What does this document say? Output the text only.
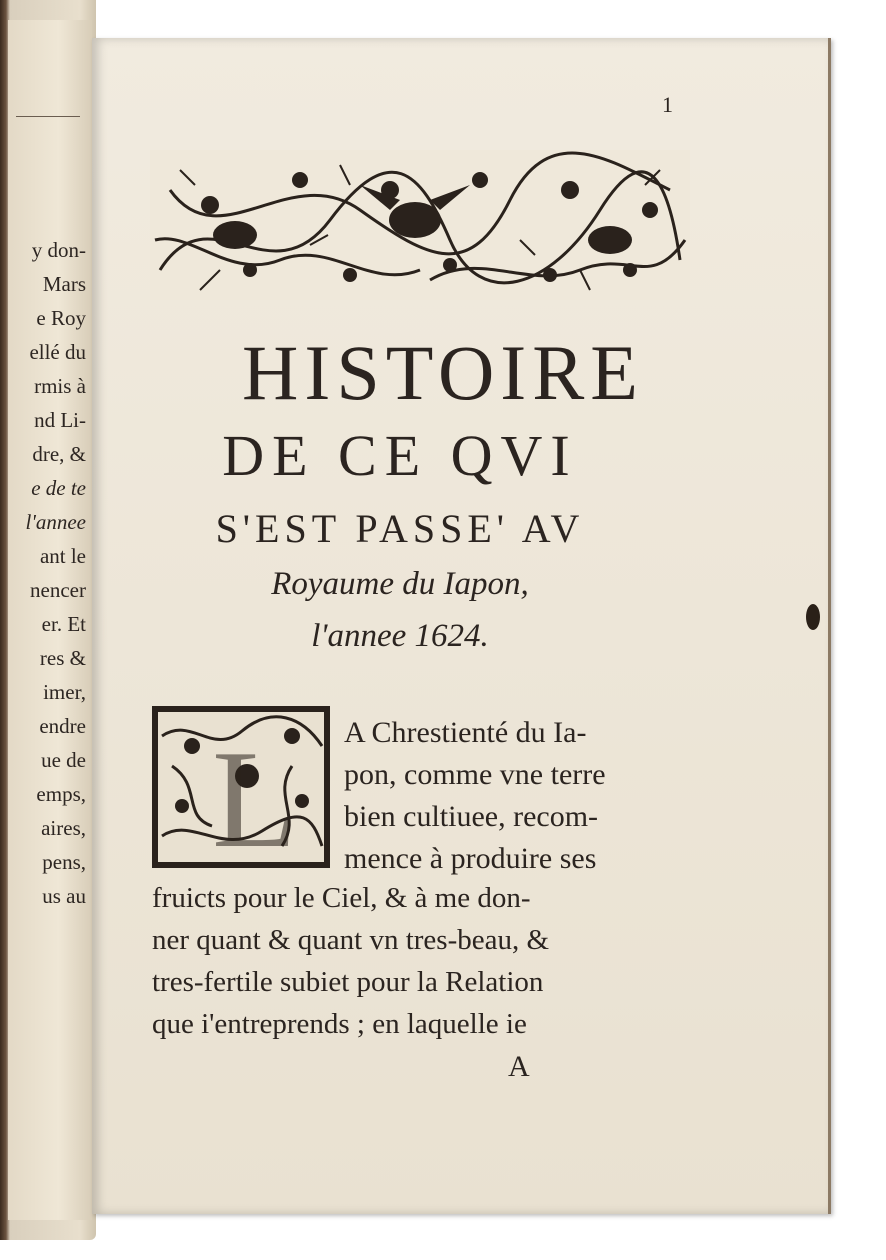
y don-
Mars
e Roy
ellé du
rmis à
nd Li-
dre, &
e de te
l'annee
ant le
nencer
er. Et
res &
imer,
endre
ue de
emps,
aires,
pens,
us au
1
HISTOIRE
DE CE QVI
S'EST PASSE' AV
Royaume du Iapon,
l'annee 1624.
L A Chrestienté du Ia-
pon, comme vne terre
bien cultiuee, recom-
mence à produire ses
fruicts pour le Ciel, & à me don-
ner quant & quant vn tres-beau, &
tres-fertile subiet pour la Relation
que i'entreprends ; en laquelle ie
A
